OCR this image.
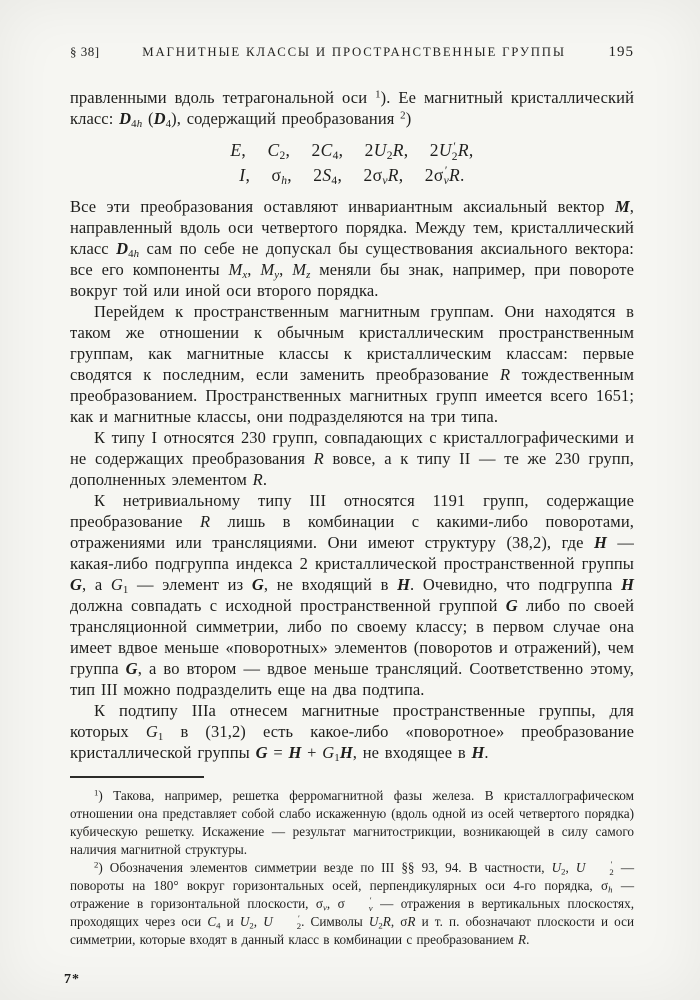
§ 38]	МАГНИТНЫЕ КЛАССЫ И ПРОСТРАНСТВЕННЫЕ ГРУППЫ	195

правленными вдоль тетрагональной оси $^1$). Ее магнитный кристаллический класс: $D_{4h}$ $(D_4)$, содержащий преобразования $^2$)

E,  $C_2$,  $2C_4$,  $2U_2R$,  2U ′
2 R,
I,  $\sigma_h$,  $2S_4$,  $2\sigma_vR$,  2σ ′
v R.

Все эти преобразования оставляют инвариантным аксиальный вектор M, направленный вдоль оси четвертого порядка. Между тем, кристаллический класс $D_{4h}$ сам по себе не допускал бы существования аксиального вектора: все его компоненты $M_x$, $M_y$, $M_z$ меняли бы знак, например, при повороте вокруг той или иной оси второго порядка.

Перейдем к пространственным магнитным группам. Они находятся в таком же отношении к обычным кристаллическим пространственным группам, как магнитные классы к кристаллическим классам: первые сводятся к последним, если заменить преобразование R тождественным преобразованием. Пространственных магнитных групп имеется всего 1651; как и магнитные классы, они подразделяются на три типа.

К типу I относятся 230 групп, совпадающих с кристаллографическими и не содержащих преобразования R вовсе, а к типу II — те же 230 групп, дополненных элементом R.

К нетривиальному типу III относятся 1191 групп, содержащие преобразование R лишь в комбинации с какими-либо поворотами, отражениями или трансляциями. Они имеют структуру (38,2), где H — какая-либо подгруппа индекса 2 кристаллической пространственной группы G, а $G_1$ — элемент из G, не входящий в H. Очевидно, что подгруппа H должна совпадать с исходной пространственной группой G либо по своей трансляционной симметрии, либо по своему классу; в первом случае она имеет вдвое меньше «поворотных» элементов (поворотов и отражений), чем группа G, а во втором — вдвое меньше трансляций. Соответственно этому, тип III можно подразделить еще на два подтипа.

К подтипу IIIа отнесем магнитные пространственные группы, для которых $G_1$ в (31,2) есть какое-либо «поворотное» преобразование кристаллической группы $G = H + G_1H$, не входящее в H.

$^1$) Такова, например, решетка ферромагнитной фазы железа. В кристаллографическом отношении она представляет собой слабо искаженную (вдоль одной из осей четвертого порядка) кубическую решетку. Искажение — результат магнитострикции, возникающей в силу самого наличия магнитной структуры.

$^2$) Обозначения элементов симметрии везде по III §§ 93, 94. В частности, $U_2$, U	′
2 — повороты на 180° вокруг горизонтальных осей, перпендикулярных оси 4-го порядка, $\sigma_h$ — отражение в горизонтальной плоскости, $\sigma_v$, σ	′
v — отражения в вертикальных плоскостях, проходящих через оси $C_4$ и $U_2$, U	′
2 . Символы $U_2R$, σR и т. п. обозначают плоскости и оси симметрии, которые входят в данный класс в комбинации с преобразованием R.

7*
